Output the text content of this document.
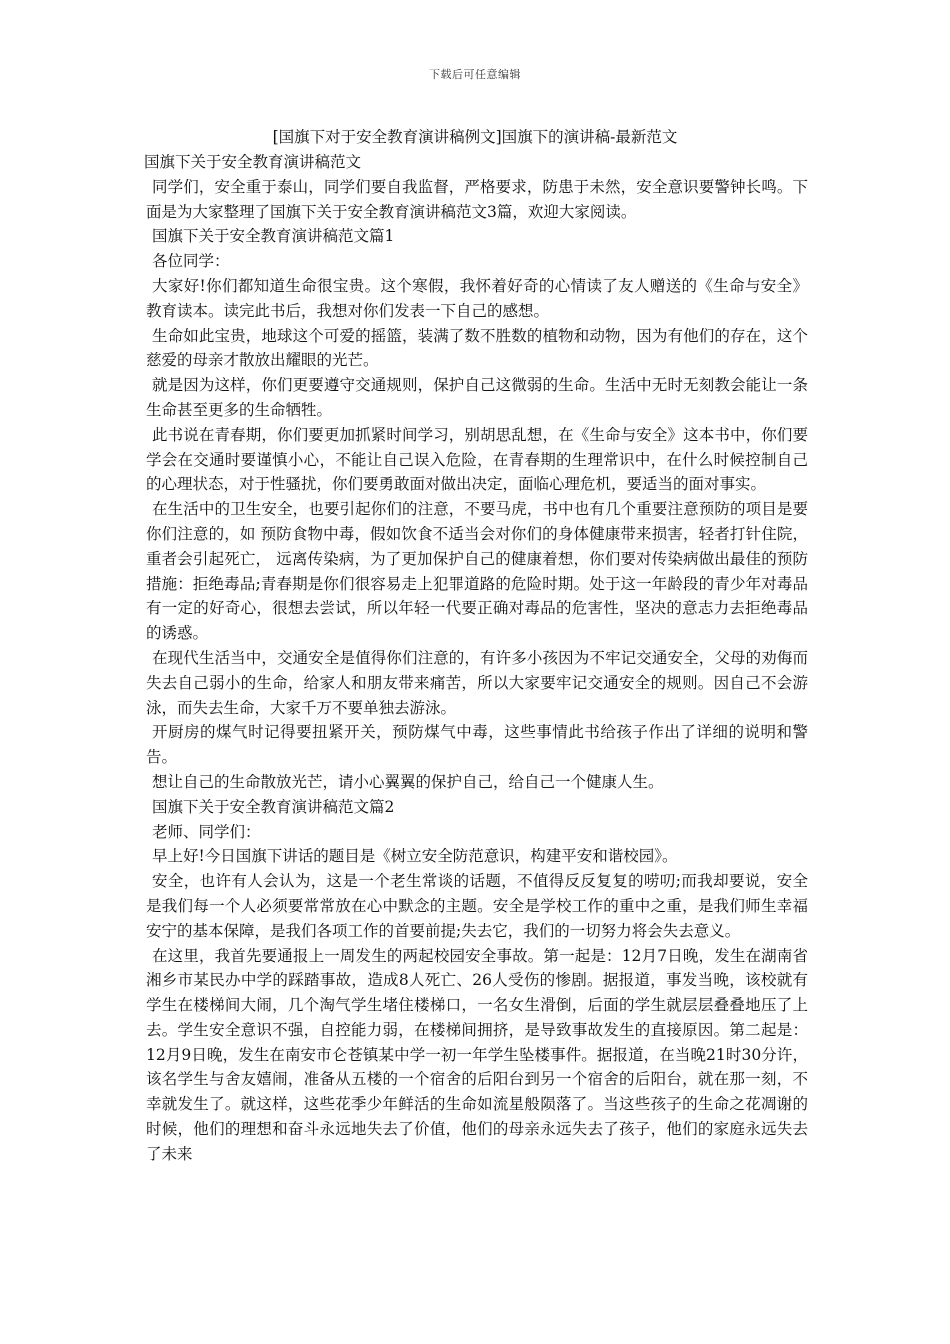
下载后可任意编辑
[国旗下对于安全教育演讲稿例文]国旗下的演讲稿-最新范文

国旗下关于安全教育演讲稿范文

同学们，安全重于泰山，同学们要自我监督，严格要求，防患于未然，安全意识要警钟长鸣。下面是为大家整理了国旗下关于安全教育演讲稿范文3篇，欢迎大家阅读。

国旗下关于安全教育演讲稿范文篇1

各位同学：

大家好!你们都知道生命很宝贵。这个寒假，我怀着好奇的心情读了友人赠送的《生命与安全》教育读本。读完此书后，我想对你们发表一下自己的感想。

生命如此宝贵，地球这个可爱的摇篮，装满了数不胜数的植物和动物，因为有他们的存在，这个慈爱的母亲才散放出耀眼的光芒。

就是因为这样，你们更要遵守交通规则，保护自己这微弱的生命。生活中无时无刻教会能让一条生命甚至更多的生命牺牲。

此书说在青春期，你们要更加抓紧时间学习，别胡思乱想，在《生命与安全》这本书中，你们要学会在交通时要谨慎小心，不能让自己误入危险，在青春期的生理常识中，在什么时候控制自己的心理状态，对于性骚扰，你们要勇敢面对做出决定，面临心理危机，要适当的面对事实。

在生活中的卫生安全，也要引起你们的注意，不要马虎，书中也有几个重要注意预防的项目是要你们注意的，如 预防食物中毒，假如饮食不适当会对你们的身体健康带来损害，轻者打针住院，重者会引起死亡， 远离传染病，为了更加保护自己的健康着想，你们要对传染病做出最佳的预防措施：拒绝毒品;青春期是你们很容易走上犯罪道路的危险时期。处于这一年龄段的青少年对毒品有一定的好奇心，很想去尝试，所以年轻一代要正确对毒品的危害性，坚决的意志力去拒绝毒品的诱惑。

在现代生活当中，交通安全是值得你们注意的，有许多小孩因为不牢记交通安全，父母的劝侮而失去自己弱小的生命，给家人和朋友带来痛苦，所以大家要牢记交通安全的规则。因自己不会游泳，而失去生命，大家千万不要单独去游泳。

开厨房的煤气时记得要扭紧开关，预防煤气中毒，这些事情此书给孩子作出了详细的说明和警告。

想让自己的生命散放光芒，请小心翼翼的保护自己，给自己一个健康人生。

国旗下关于安全教育演讲稿范文篇2

老师、同学们：

早上好!今日国旗下讲话的题目是《树立安全防范意识，构建平安和谐校园》。

安全，也许有人会认为，这是一个老生常谈的话题，不值得反反复复的唠叨;而我却要说，安全是我们每一个人必须要常常放在心中默念的主题。安全是学校工作的重中之重，是我们师生幸福安宁的基本保障，是我们各项工作的首要前提;失去它，我们的一切努力将会失去意义。

在这里，我首先要通报上一周发生的两起校园安全事故。第一起是：12月7日晚，发生在湖南省湘乡市某民办中学的踩踏事故，造成8人死亡、26人受伤的惨剧。据报道，事发当晚，该校就有学生在楼梯间大闹，几个淘气学生堵住楼梯口，一名女生滑倒，后面的学生就层层叠叠地压了上去。学生安全意识不强，自控能力弱，在楼梯间拥挤，是导致事故发生的直接原因。第二起是：12月9日晚，发生在南安市仑苍镇某中学一初一年学生坠楼事件。据报道，在当晚21时30分许，该名学生与舍友嬉闹，准备从五楼的一个宿舍的后阳台到另一个宿舍的后阳台，就在那一刻，不幸就发生了。就这样，这些花季少年鲜活的生命如流星般陨落了。当这些孩子的生命之花凋谢的时候，他们的理想和奋斗永远地失去了价值，他们的母亲永远失去了孩子，他们的家庭永远失去了未来
